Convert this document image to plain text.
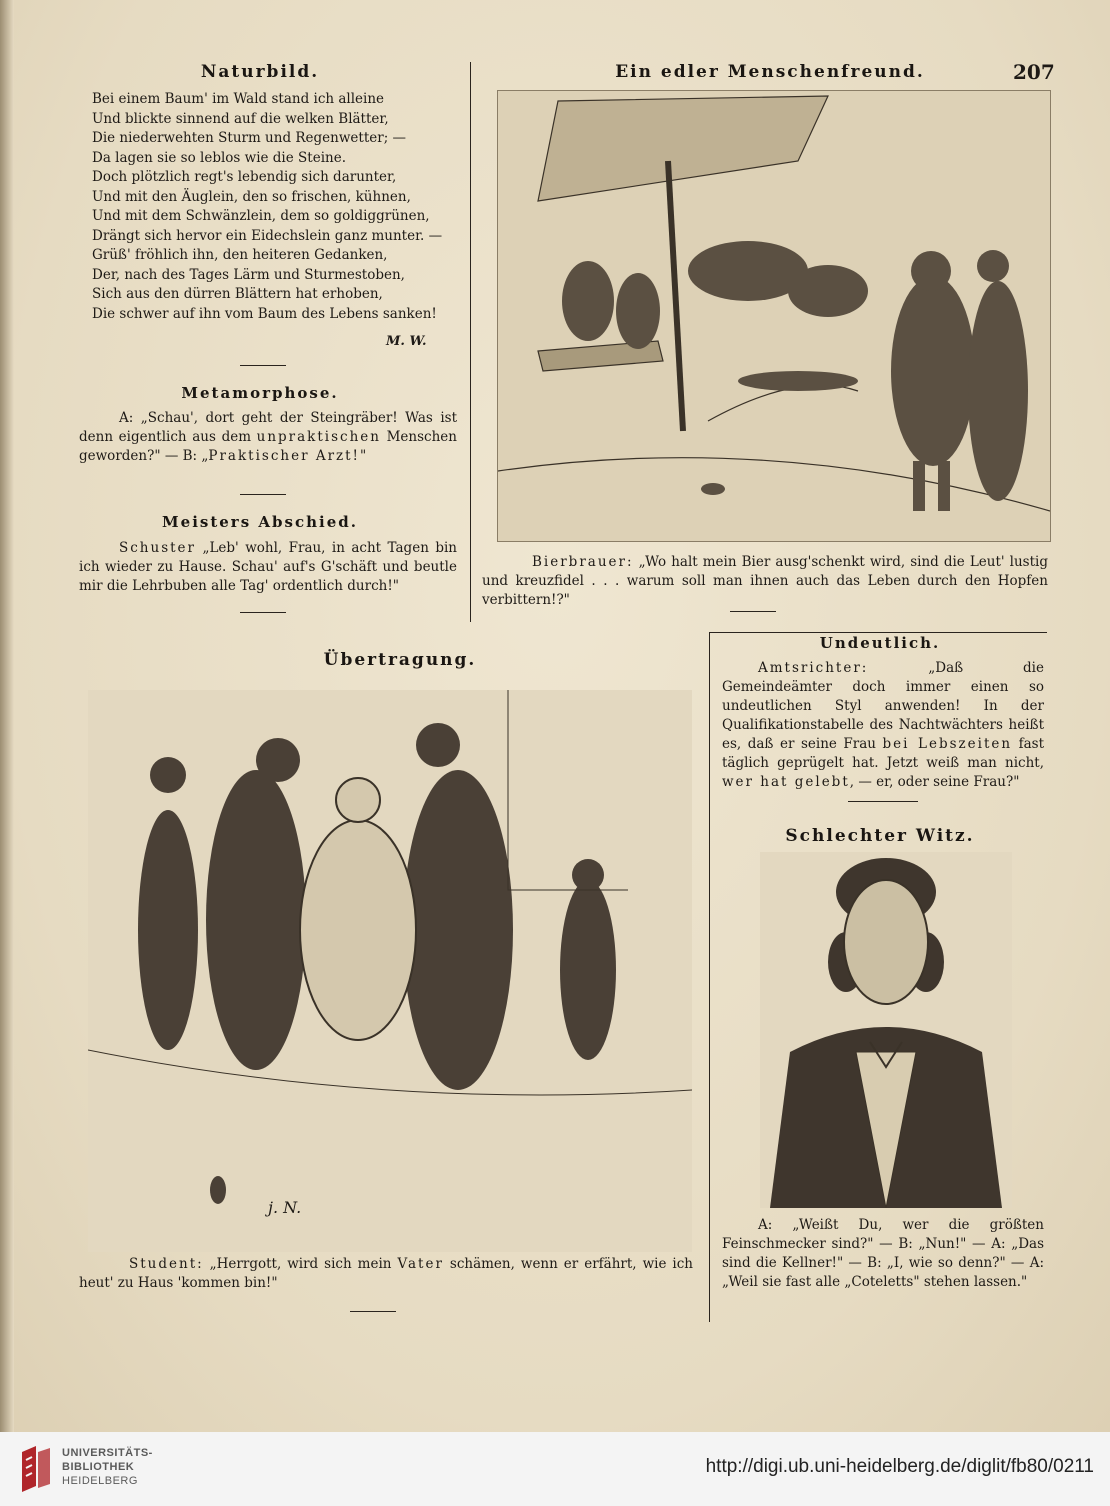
207
Naturbild.
Bei einem Baum' im Wald stand ich alleine
Und blickte sinnend auf die welken Blätter,
Die niederwehten Sturm und Regenwetter; —
Da lagen sie so leblos wie die Steine.
Doch plötzlich regt's lebendig sich darunter,
Und mit den Äuglein, den so frischen, kühnen,
Und mit dem Schwänzlein, dem so goldiggrünen,
Drängt sich hervor ein Eidechslein ganz munter. —
Grüß' fröhlich ihn, den heiteren Gedanken,
Der, nach des Tages Lärm und Sturmestoben,
Sich aus den dürren Blättern hat erhoben,
Die schwer auf ihn vom Baum des Lebens sanken!
M. W.
Metamorphose.
A: „Schau', dort geht der Steingräber! Was ist denn eigentlich aus dem unpraktischen Menschen geworden?" — B: „Praktischer Arzt!"
Meisters Abschied.
Schuster „Leb' wohl, Frau, in acht Tagen bin ich wieder zu Hause. Schau' auf's G'schäft und beutle mir die Lehrbuben alle Tag' ordentlich durch!"
Ein edler Menschenfreund.
Bierbrauer: „Wo halt mein Bier ausg'schenkt wird, sind die Leut' lustig und kreuzfidel . . . warum soll man ihnen auch das Leben durch den Hopfen verbittern!?"
Übertragung.
j. N.
Student: „Herrgott, wird sich mein Vater schämen, wenn er erfährt, wie ich heut' zu Haus 'kommen bin!"
Undeutlich.
Amtsrichter: „Daß die Gemeindeämter doch immer einen so undeutlichen Styl anwenden! In der Qualifikationstabelle des Nachtwächters heißt es, daß er seine Frau bei Lebszeiten fast täglich geprügelt hat. Jetzt weiß man nicht, wer hat gelebt, — er, oder seine Frau?"
Schlechter Witz.
A: „Weißt Du, wer die größten Feinschmecker sind?" — B: „Nun!" — A: „Das sind die Kellner!" — B: „I, wie so denn?" — A: „Weil sie fast alle „Coteletts" stehen lassen."
UNIVERSITÄTS-
BIBLIOTHEK
HEIDELBERG
http://digi.ub.uni-heidelberg.de/diglit/fb80/0211
